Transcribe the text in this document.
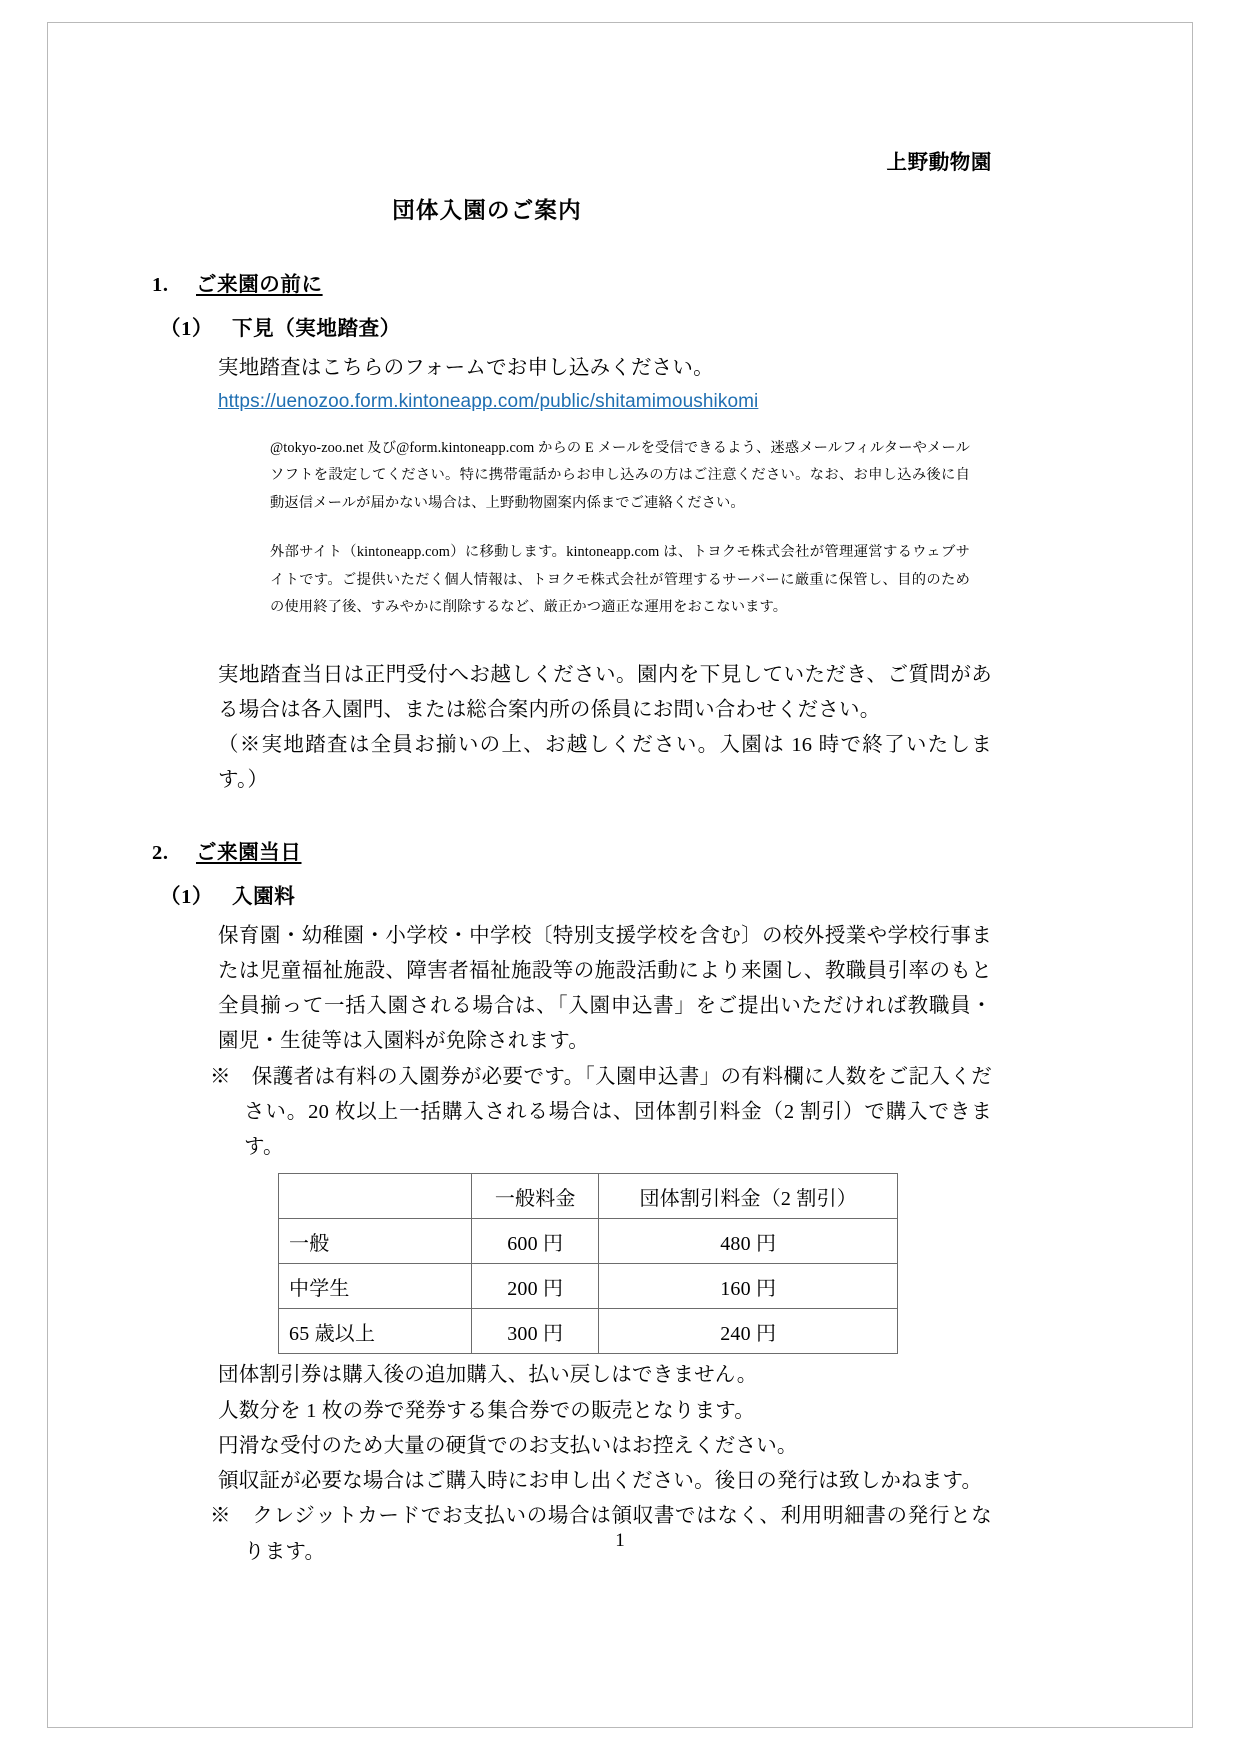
上野動物園
団体入園のご案内
1.	ご来園の前に
（1） 下見（実地踏査）

実地踏査はこちらのフォームでお申し込みください。

https://uenozoo.form.kintoneapp.com/public/shitamimoushikomi

@tokyo-zoo.net 及び@form.kintoneapp.com からの E メールを受信できるよう、迷惑メールフィルターやメールソフトを設定してください。特に携帯電話からお申し込みの方はご注意ください。なお、お申し込み後に自動返信メールが届かない場合は、上野動物園案内係までご連絡ください。

外部サイト（kintoneapp.com）に移動します。kintoneapp.com は、トヨクモ株式会社が管理運営するウェブサイトです。ご提供いただく個人情報は、トヨクモ株式会社が管理するサーバーに厳重に保管し、目的のための使用終了後、すみやかに削除するなど、厳正かつ適正な運用をおこないます。

実地踏査当日は正門受付へお越しください。園内を下見していただき、ご質問がある場合は各入園門、または総合案内所の係員にお問い合わせください。

（※実地踏査は全員お揃いの上、お越しください。入園は 16 時で終了いたします。）

2.	ご来園当日
（1） 入園料

保育園・幼稚園・小学校・中学校〔特別支援学校を含む〕の校外授業や学校行事または児童福祉施設、障害者福祉施設等の施設活動により来園し、教職員引率のもと全員揃って一括入園される場合は、「入園申込書」をご提出いただければ教職員・園児・生徒等は入園料が免除されます。

※　保護者は有料の入園券が必要です。「入園申込書」の有料欄に人数をご記入ください。20 枚以上一括購入される場合は、団体割引料金（2 割引）で購入できます。

	一般料金	団体割引料金（2 割引）
一般	600 円	480 円
中学生	200 円	160 円
65 歳以上	300 円	240 円

団体割引券は購入後の追加購入、払い戻しはできません。

人数分を 1 枚の券で発券する集合券での販売となります。

円滑な受付のため大量の硬貨でのお支払いはお控えください。

領収証が必要な場合はご購入時にお申し出ください。後日の発行は致しかねます。

※　クレジットカードでお支払いの場合は領収書ではなく、利用明細書の発行となります。

1
